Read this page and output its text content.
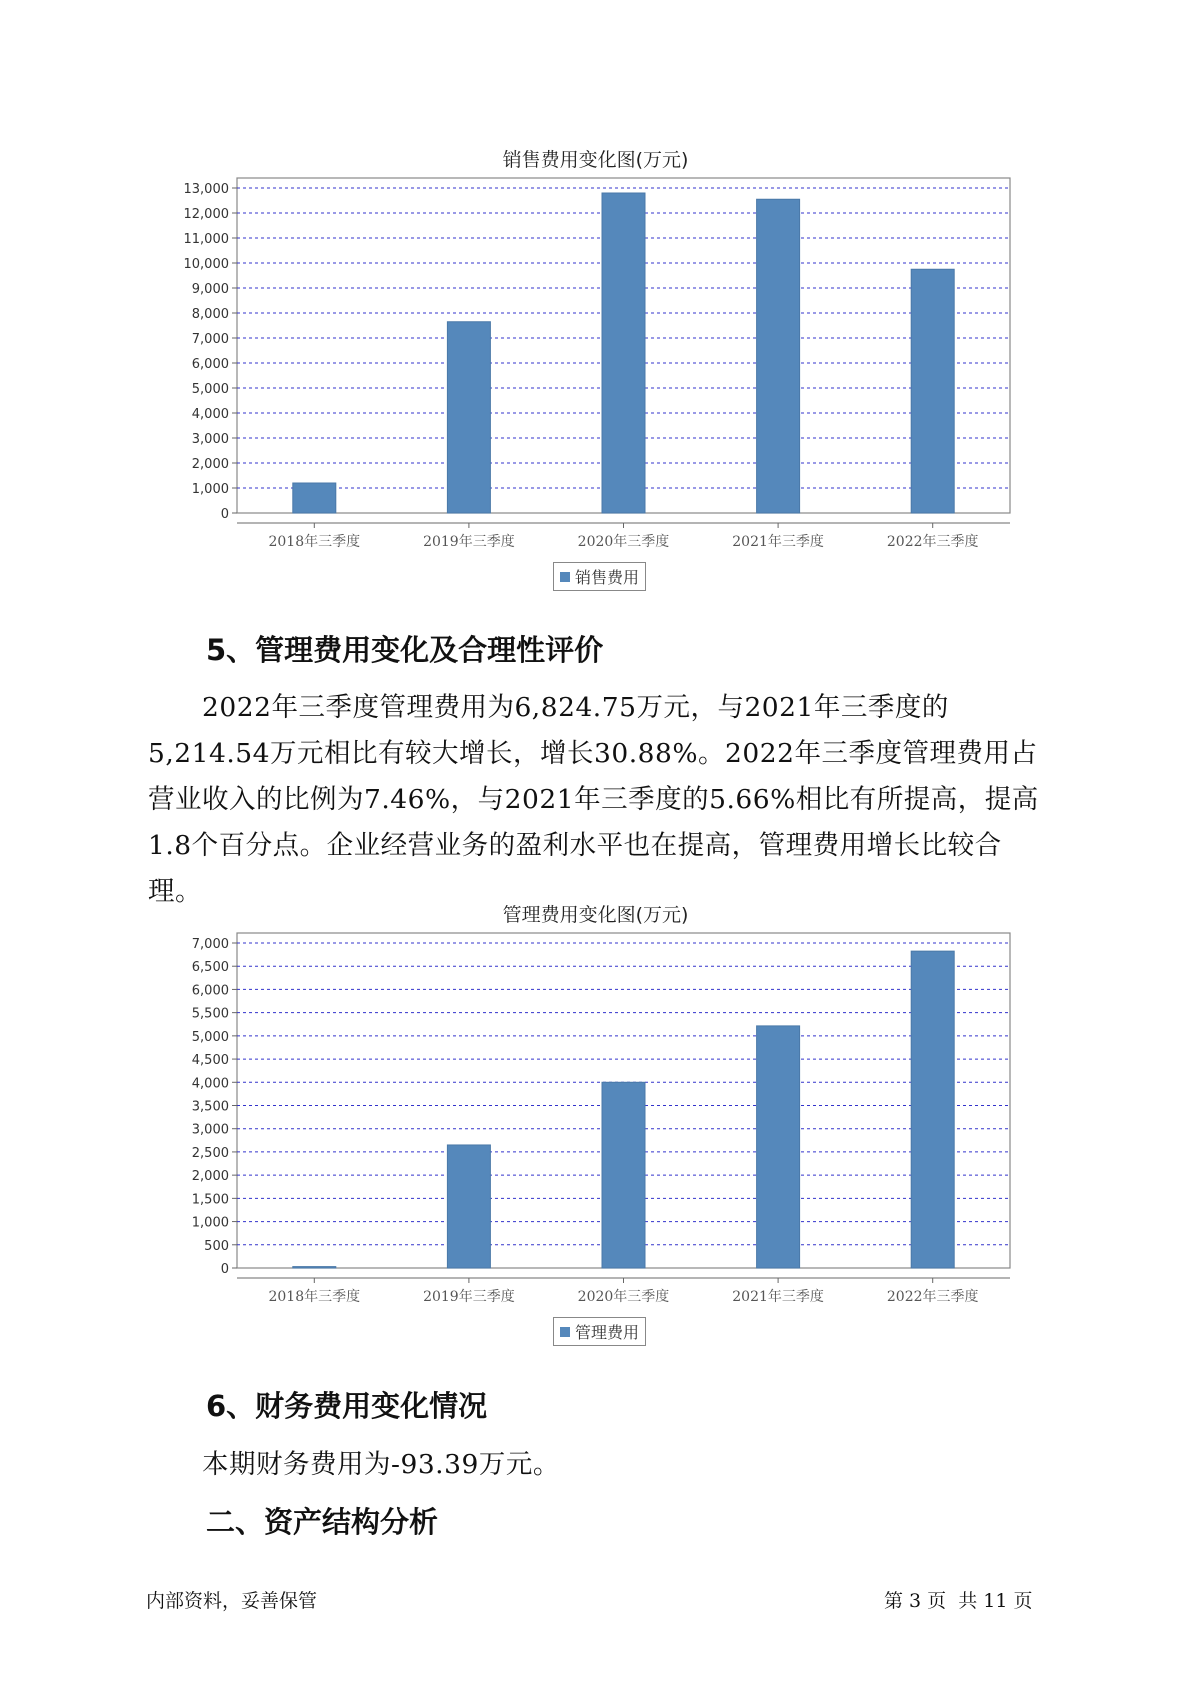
销售费用变化图(万元)
0
1,000
2,000
3,000
4,000
5,000
6,000
7,000
8,000
9,000
10,000
11,000
12,000
13,000
2018年三季度	2019年三季度	2020年三季度	2021年三季度	2022年三季度
销售费用
5、管理费用变化及合理性评价

2022年三季度管理费用为6,824.75万元，与2021年三季度的5,214.54万元相比有较大增长，增长30.88%。2022年三季度管理费用占营业收入的比例为7.46%，与2021年三季度的5.66%相比有所提高，提高1.8个百分点。企业经营业务的盈利水平也在提高，管理费用增长比较合理。

管理费用变化图(万元)
0
500
1,000
1,500
2,000
2,500
3,000
3,500
4,000
4,500
5,000
5,500
6,000
6,500
7,000
2018年三季度	2019年三季度	2020年三季度	2021年三季度	2022年三季度
管理费用
6、财务费用变化情况

本期财务费用为-93.39万元。

二、资产结构分析
内部资料，妥善保管	第 3 页  共 11 页
